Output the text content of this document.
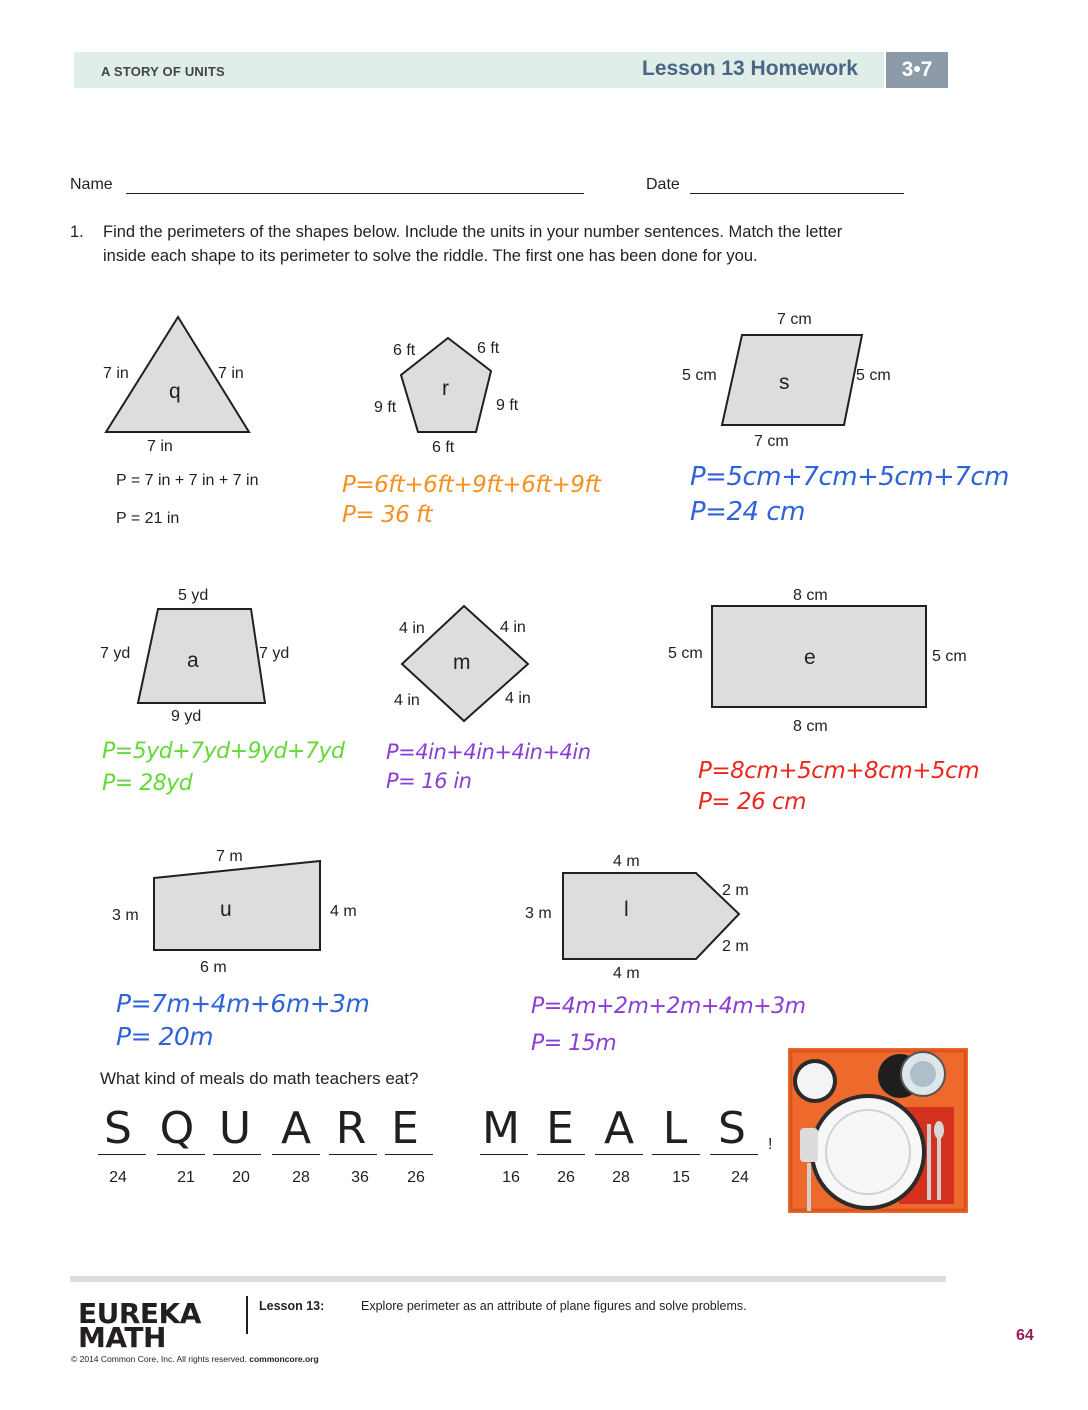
A STORY OF UNITS	Lesson 13 Homework	3•7
Name	Date
1. Find the perimeters of the shapes below. Include the units in your number sentences. Match the letter
inside each shape to its perimeter to solve the riddle. The first one has been done for you.
7 in	7 in
q
7 in
P = 7 in + 7 in + 7 in
P = 21 in
6 ft	6 ft
9 ft	9 ft
r
6 ft
P=6ft+6ft+9ft+6ft+9ft
P= 36 ft
7 cm
5 cm	5 cm
s
7 cm
P=5cm+7cm+5cm+7cm
P=24 cm
5 yd
7 yd	7 yd
a
9 yd
P=5yd+7yd+9yd+7yd
P= 28yd
4 in	4 in
m
4 in	4 in
P=4in+4in+4in+4in
P= 16 in
8 cm
5 cm	5 cm
e
8 cm
P=8cm+5cm+8cm+5cm
P= 26 cm
7 m
3 m	4 m
u
6 m
P=7m+4m+6m+3m
P= 20m
4 m
3 m
2 m
2 m
l
4 m
P=4m+2m+2m+4m+3m
P= 15m
What kind of meals do math teachers eat?
S Q U A R E M E A L S	!
24	21	20	28	36	26	16	26	28	15	24
EUREKA
MATH
Lesson 13:	Explore perimeter as an attribute of plane figures and solve problems.
© 2014 Common Core, Inc. All rights reserved. commoncore.org
64
